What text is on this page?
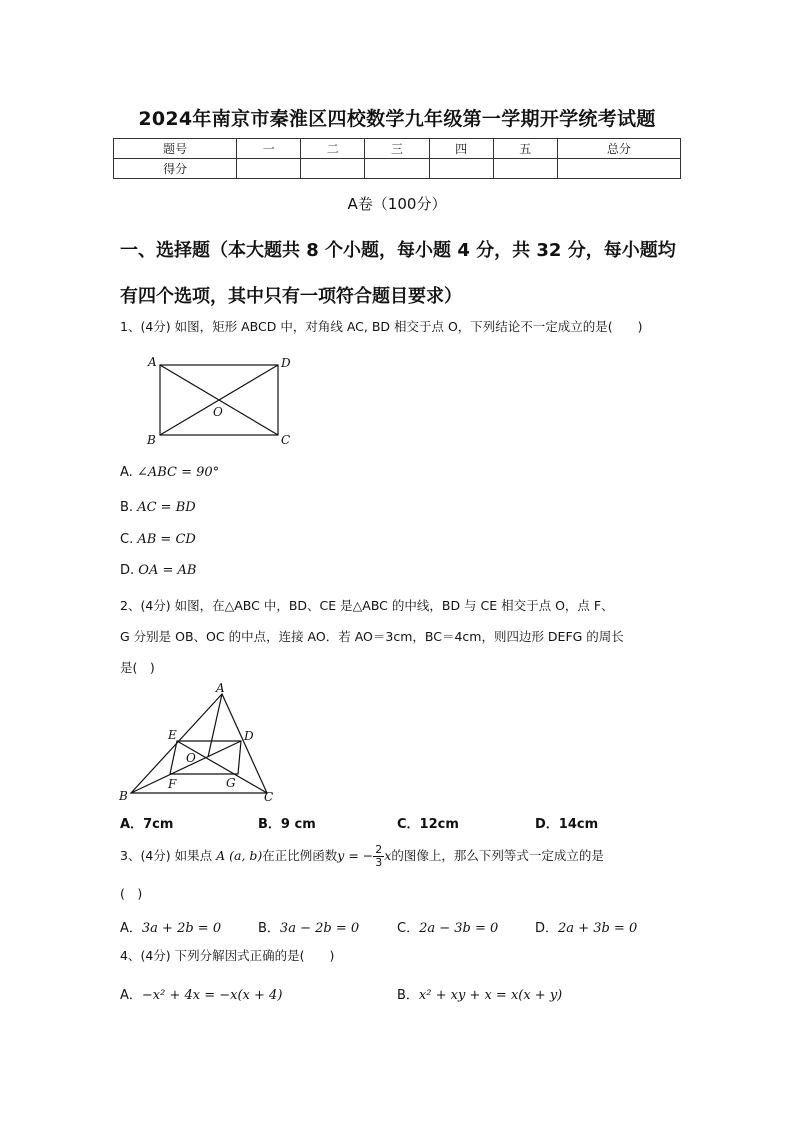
2024年南京市秦淮区四校数学九年级第一学期开学统考试题
题号	一	二	三	四	五	总分
得分						
A卷（100分）
一、选择题（本大题共 8 个小题，每小题 4 分，共 32 分，每小题均有四个选项，其中只有一项符合题目要求）
1、(4分) 如图，矩形 ABCD 中，对角线 AC, BD 相交于点 O，下列结论不一定成立的是(　　)
A	D
O
B	C
A. ∠ABC = 90°
B. AC = BD
C. AB = CD
D. OA = AB
2、(4分) 如图，在△ABC 中，BD、CE 是△ABC 的中线，BD 与 CE 相交于点 O，点 F、
G 分别是 OB、OC 的中点，连接 AO．若 AO＝3cm，BC＝4cm，则四边形 DEFG 的周长
是(　)
A
E	D
O
F	G
B	C
A．7cm	B．9 cm	C．12cm	D．14cm
3、(4分) 如果点 A (a, b)在正比例函数y = − $\frac{2}{3}$ x的图像上，那么下列等式一定成立的是
(　)
A．3a + 2b = 0	B．3a − 2b = 0	C．2a − 3b = 0	D．2a + 3b = 0
4、(4分) 下列分解因式正确的是(　　)
A．−x² + 4x = −x(x + 4)	B．x² + xy + x = x(x + y)
